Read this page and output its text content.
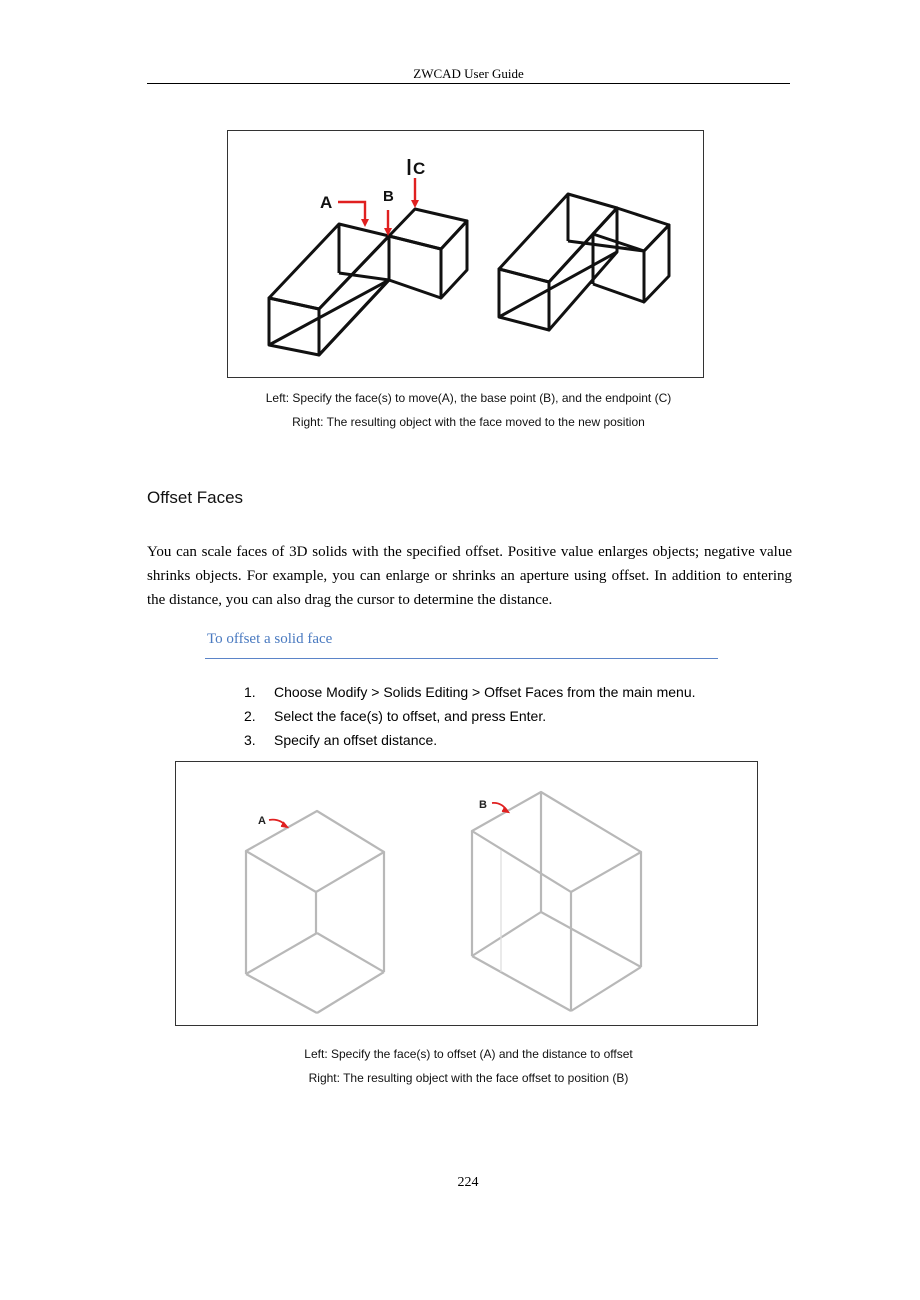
ZWCAD User Guide
A	B
C
Left: Specify the face(s) to move(A), the base point (B), and the endpoint (C)
Right: The resulting object with the face moved to the new position
Offset Faces
You can scale faces of 3D solids with the specified offset. Positive value enlarges objects; negative value shrinks objects. For example, you can enlarge or shrinks an aperture using offset. In addition to entering the distance, you can also drag the cursor to determine the distance.
To offset a solid face
1. Choose Modify > Solids Editing > Offset Faces from the main menu.
2. Select the face(s) to offset, and press Enter.
3. Specify an offset distance.
A
B
Left: Specify the face(s) to offset (A) and the distance to offset
Right: The resulting object with the face offset to position (B)
224
